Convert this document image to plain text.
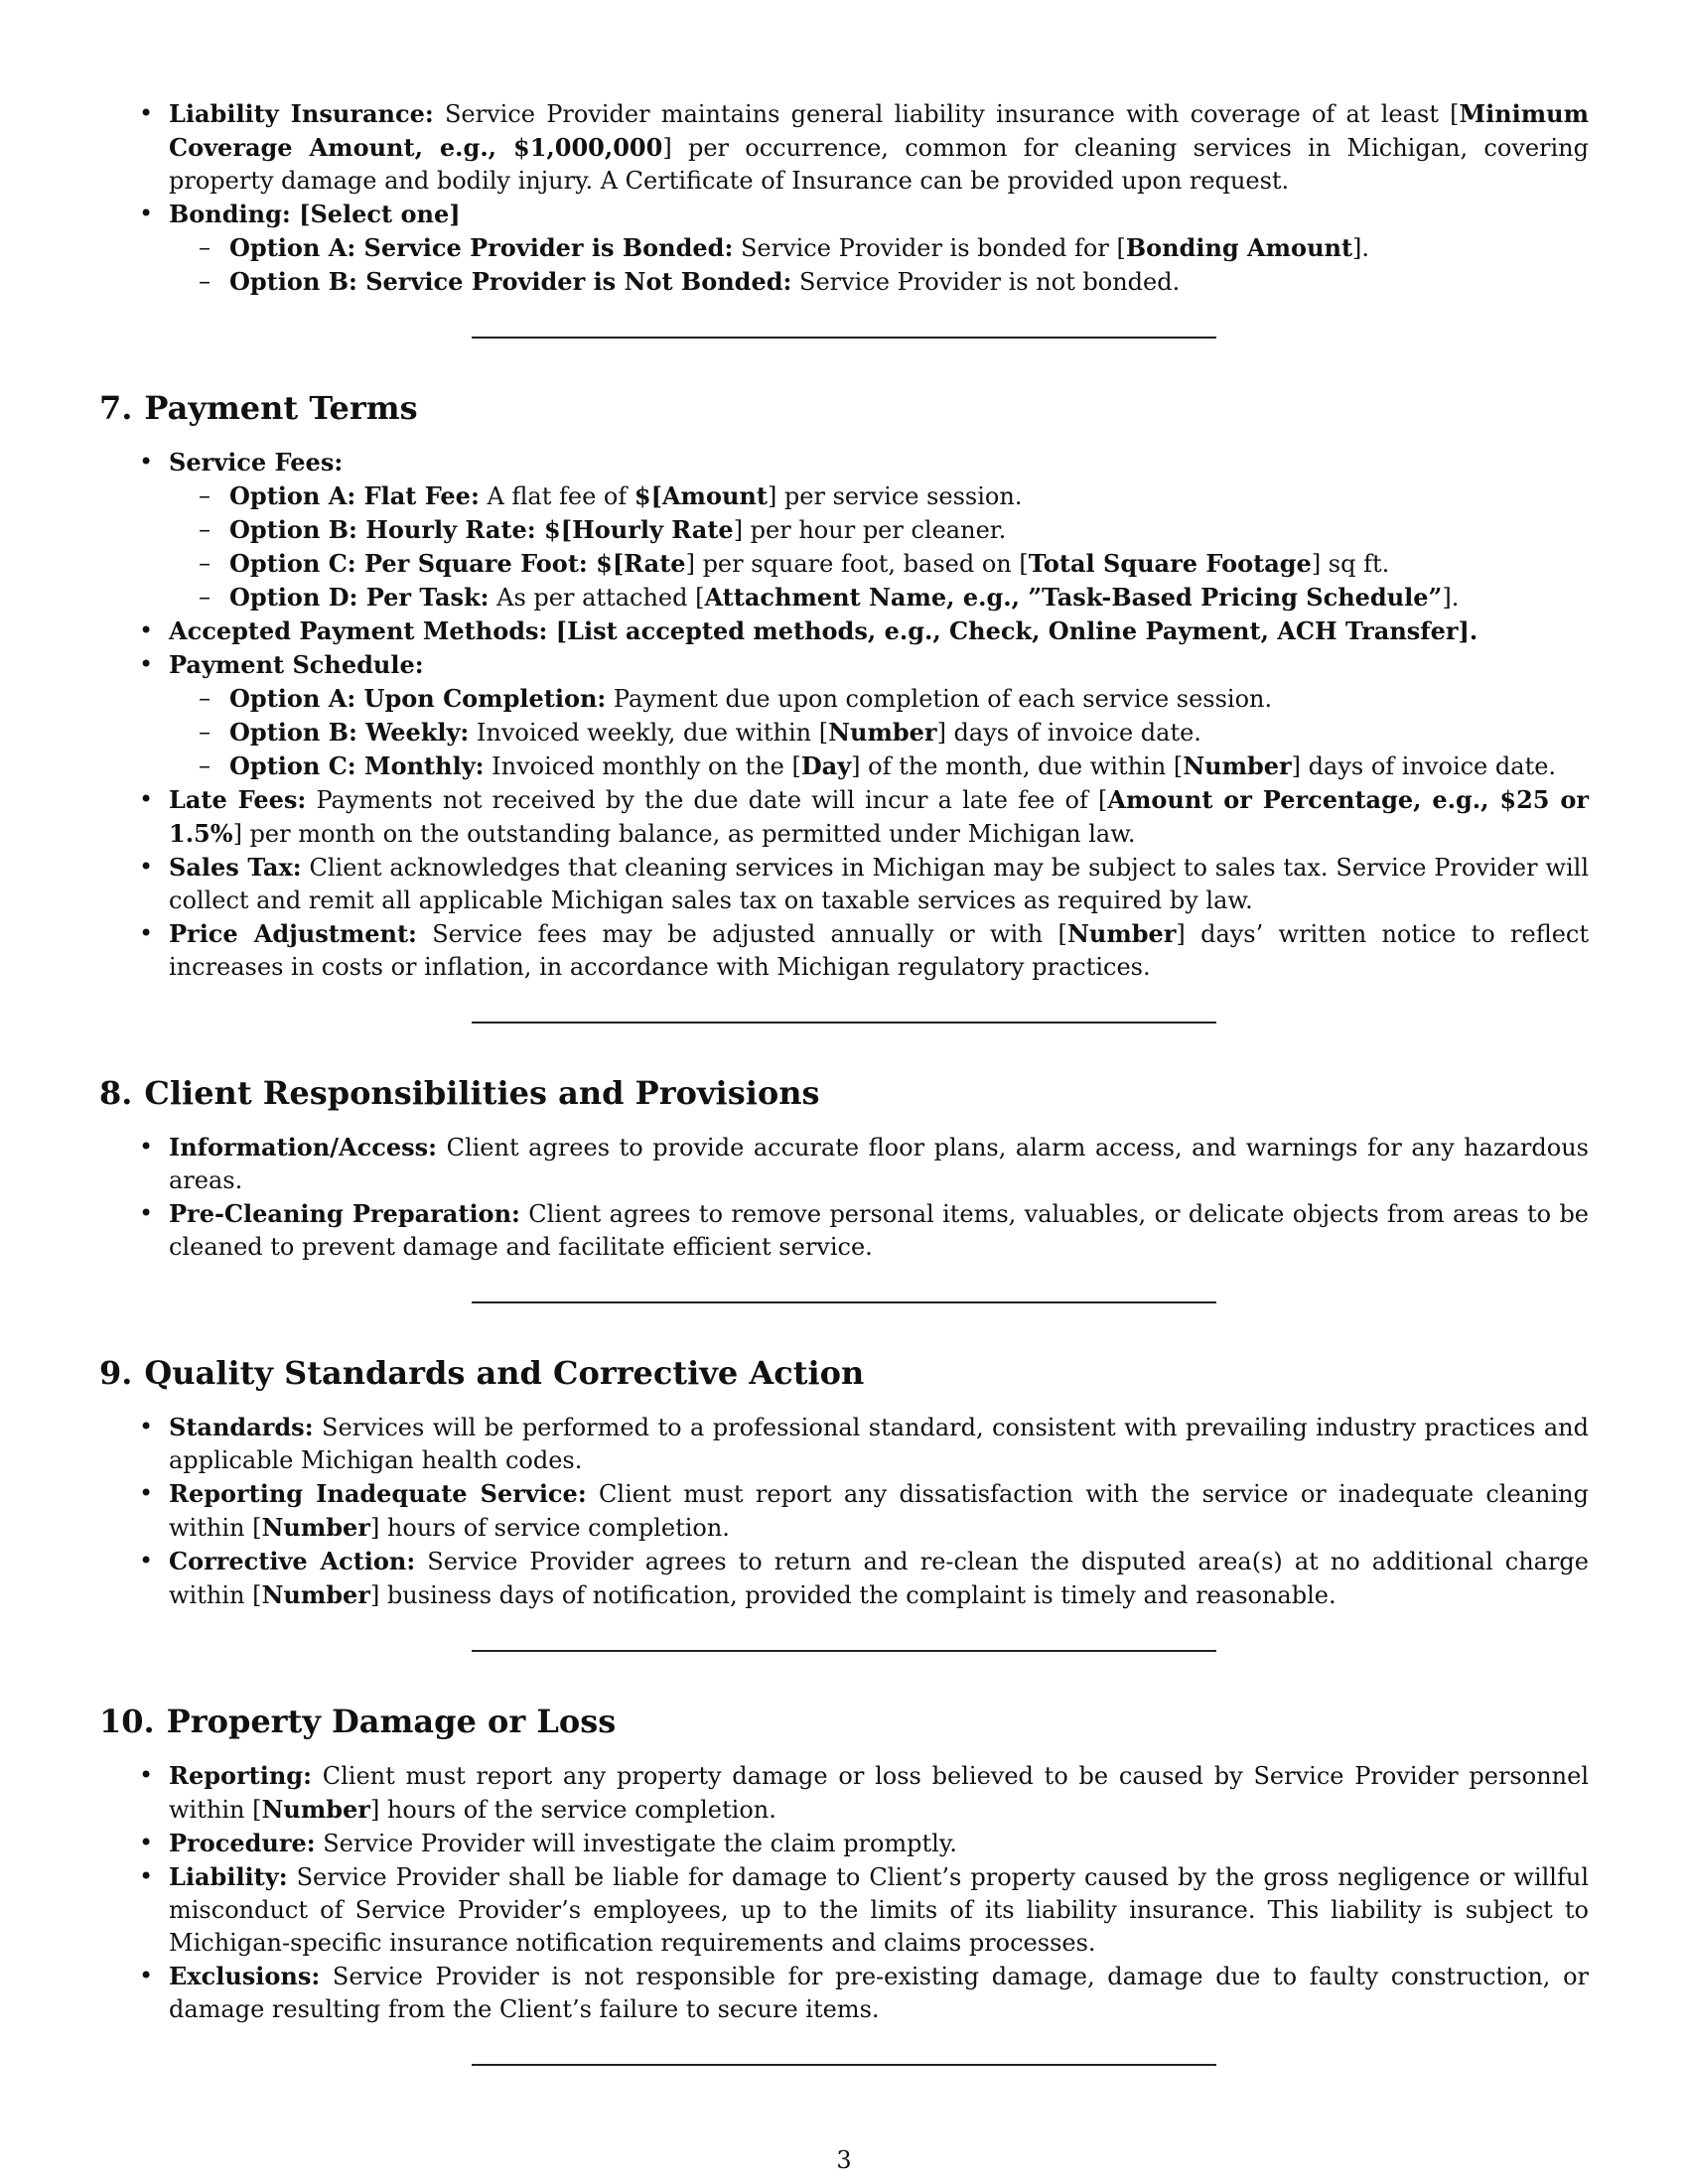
• Liability Insurance: Service Provider maintains general liability insurance with coverage of at least [Minimum Coverage Amount, e.g., $1,000,000] per occurrence, common for cleaning services in Michigan, covering property damage and bodily injury. A Certificate of Insurance can be provided upon request.
• Bonding: [Select one]
– Option A: Service Provider is Bonded: Service Provider is bonded for [Bonding Amount].
– Option B: Service Provider is Not Bonded: Service Provider is not bonded.
7. Payment Terms
• Service Fees:
– Option A: Flat Fee: A flat fee of $[Amount] per service session.
– Option B: Hourly Rate: $[Hourly Rate] per hour per cleaner.
– Option C: Per Square Foot: $[Rate] per square foot, based on [Total Square Footage] sq ft.
– Option D: Per Task: As per attached [Attachment Name, e.g., ”Task-Based Pricing Schedule”].
• Accepted Payment Methods: [List accepted methods, e.g., Check, Online Payment, ACH Transfer].
• Payment Schedule:
– Option A: Upon Completion: Payment due upon completion of each service session.
– Option B: Weekly: Invoiced weekly, due within [Number] days of invoice date.
– Option C: Monthly: Invoiced monthly on the [Day] of the month, due within [Number] days of invoice date.
• Late Fees: Payments not received by the due date will incur a late fee of [Amount or Percentage, e.g., $25 or 1.5%] per month on the outstanding balance, as permitted under Michigan law.
• Sales Tax: Client acknowledges that cleaning services in Michigan may be subject to sales tax. Service Provider will collect and remit all applicable Michigan sales tax on taxable services as required by law.
• Price Adjustment: Service fees may be adjusted annually or with [Number] days’ written notice to reflect increases in costs or inflation, in accordance with Michigan regulatory practices.
8. Client Responsibilities and Provisions
• Information/Access: Client agrees to provide accurate floor plans, alarm access, and warnings for any hazardous areas.
• Pre-Cleaning Preparation: Client agrees to remove personal items, valuables, or delicate objects from areas to be cleaned to prevent damage and facilitate efficient service.
9. Quality Standards and Corrective Action
• Standards: Services will be performed to a professional standard, consistent with prevailing industry practices and applicable Michigan health codes.
• Reporting Inadequate Service: Client must report any dissatisfaction with the service or inadequate cleaning within [Number] hours of service completion.
• Corrective Action: Service Provider agrees to return and re-clean the disputed area(s) at no additional charge within [Number] business days of notification, provided the complaint is timely and reasonable.
10. Property Damage or Loss
• Reporting: Client must report any property damage or loss believed to be caused by Service Provider personnel within [Number] hours of the service completion.
• Procedure: Service Provider will investigate the claim promptly.
• Liability: Service Provider shall be liable for damage to Client’s property caused by the gross negligence or willful misconduct of Service Provider’s employees, up to the limits of its liability insurance. This liability is subject to Michigan-specific insurance notification requirements and claims processes.
• Exclusions: Service Provider is not responsible for pre-existing damage, damage due to faulty construction, or damage resulting from the Client’s failure to secure items.
3
